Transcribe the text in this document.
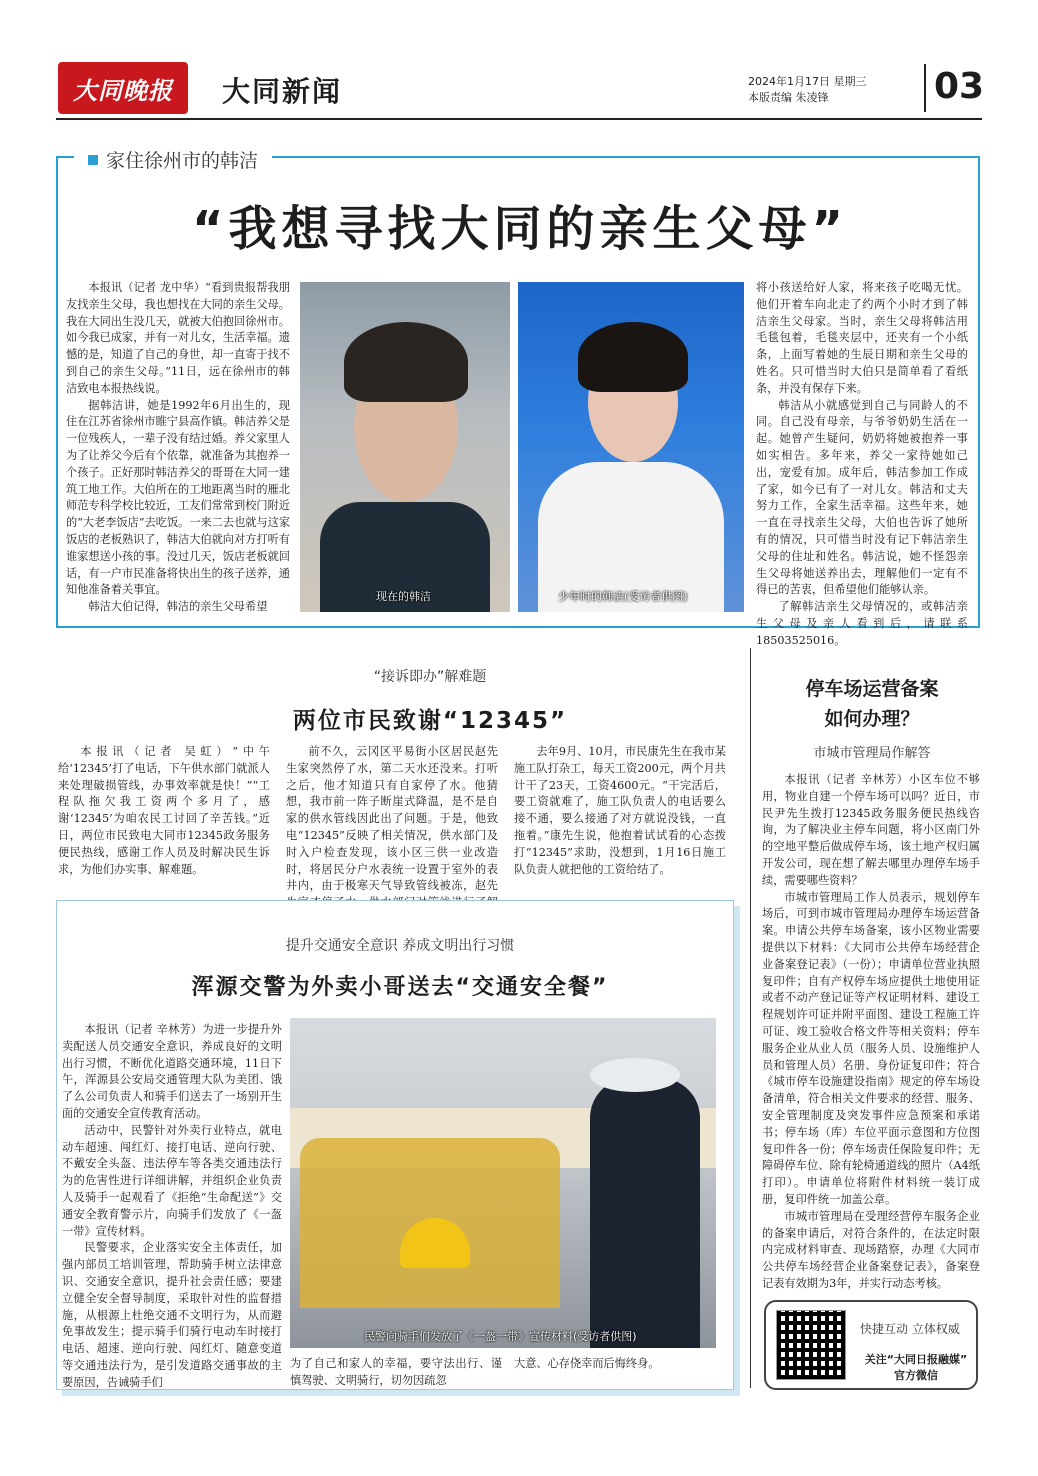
大同晚报	大同新闻	2024年1月17日 星期三
本版责编 朱凌锋	03
家住徐州市的韩洁
“我想寻找大同的亲生父母”

本报讯（记者 龙中华）“看到贵报帮我朋友找亲生父母，我也想找在大同的亲生父母。我在大同出生没几天，就被大伯抱回徐州市。如今我已成家，并有一对儿女，生活幸福。遗憾的是，知道了自己的身世，却一直寄于找不到自己的亲生父母。”11日，远在徐州市的韩洁致电本报热线说。

据韩洁讲，她是1992年6月出生的，现住在江苏省徐州市睢宁县高作镇。韩洁养父是一位残疾人，一辈子没有结过婚。养父家里人为了让养父今后有个依靠，就准备为其抱养一个孩子。正好那时韩洁养父的哥哥在大同一建筑工地工作。大伯所在的工地距离当时的雁北师范专科学校比较近，工友们常常到校门附近的“大老李饭店”去吃饭。一来二去也就与这家饭店的老板熟识了，韩洁大伯就向对方打听有谁家想送小孩的事。没过几天，饭店老板就回话，有一户市民准备将快出生的孩子送养，通知他准备着关事宜。

韩洁大伯记得，韩洁的亲生父母希望

现在的韩洁	少年时的韩洁(受访者供图)

将小孩送给好人家，将来孩子吃喝无忧。他们开着车向北走了约两个小时才到了韩洁亲生父母家。当时，亲生父母将韩洁用毛毯包着，毛毯夹层中，还夹有一个小纸条，上面写着她的生辰日期和亲生父母的姓名。只可惜当时大伯只是简单看了看纸条，并没有保存下来。

韩洁从小就感觉到自己与同龄人的不同。自己没有母亲，与爷爷奶奶生活在一起。她曾产生疑问，奶奶将她被抱养一事如实相告。多年来，养父一家待她如己出，宠爱有加。成年后，韩洁参加工作成了家，如今已有了一对儿女。韩洁和丈夫努力工作，全家生活幸福。这些年来，她一直在寻找亲生父母，大伯也告诉了她所有的情况，只可惜当时没有记下韩洁亲生父母的住址和姓名。韩洁说，她不怪怨亲生父母将她送养出去，理解他们一定有不得已的苦衷，但希望他们能够认亲。

了解韩洁亲生父母情况的，或韩洁亲生父母及亲人看到后，请联系18503525016。

“接诉即办”解难题
两位市民致谢“12345”

本报讯（记者 吴虹）“中午给‘12345’打了电话，下午供水部门就派人来处理破损管线，办事效率就是快！”“工程队拖欠我工资两个多月了，感谢‘12345’为咱农民工讨回了辛苦钱。”近日，两位市民致电大同市12345政务服务便民热线，感谢工作人员及时解决民生诉求，为他们办实事、解难题。

前不久，云冈区平易街小区居民赵先生家突然停了水，第二天水还没来。打听之后，他才知道只有自家停了水。他猜想，我市前一阵子断崖式降温，是不是自家的供水管线因此出了问题。于是，他致电“12345”反映了相关情况，供水部门及时入户检查发现，该小区三供一业改造时，将居民分户水表统一设置于室外的表井内，由于极寒天气导致管线被冻，赵先

去年9月、10月，市民康先生在我市某施工队打杂工，每天工资200元，两个月共计干了23天，工资4600元。“干完活后，要工资就难了，施工队负责人的电话要么接不通，要么接通了对方就说没钱，一直拖着。”康先生说，他抱着试试看的心态拨打“12345”求助，没想到，1月16日施工队负责人就把他的工资给结了。

提升交通安全意识 养成文明出行习惯
浑源交警为外卖小哥送去“交通安全餐”

本报讯（记者 辛林芳）为进一步提升外卖配送人员交通安全意识，养成良好的文明出行习惯，不断优化道路交通环境，11日下午，浑源县公安局交通管理大队为美团、饿了么公司负责人和骑手们送去了一场别开生面的交通安全宣传教育活动。

活动中，民警针对外卖行业特点，就电动车超速、闯红灯、接打电话、逆向行驶、不戴安全头盔、违法停车等各类交通违法行为的危害性进行详细讲解，并组织企业负责人及骑手一起观看了《拒绝“生命配送”》交通安全教育警示片，向骑手们发放了《一盔一带》宣传材料。

民警要求，企业落实安全主体责任，加强内部员工培训管理，帮助骑手树立法律意识、交通安全意识，提升社会责任感；要建立健全安全督导制度，采取针对性的监督措施，从根源上杜绝交通不文明行为，从而避免事故发生；提示骑手们骑行电动车时接打电话、超速、逆向行驶、闯红灯、随意变道等交通违法行为，是引发道路交通事故的主要原因，告诫骑手们

民警向骑手们发放了《一盔一带》宣传材料(受访者供图)

为了自己和家人的幸福，要守法出行、谨慎驾驶、文明骑行，切勿因疏忽

大意、心存侥幸而后悔终身。

停车场运营备案
如何办理？
市城市管理局作解答

本报讯（记者 辛林芳）小区车位不够用，物业自建一个停车场可以吗？近日，市民尹先生拨打12345政务服务便民热线咨询，为了解决业主停车问题，将小区南门外的空地平整后做成停车场，该土地产权归属开发公司，现在想了解去哪里办理停车场手续，需要哪些资料？

市城市管理局工作人员表示，规划停车场后，可到市城市管理局办理停车场运营备案。申请公共停车场备案，该小区物业需要提供以下材料：《大同市公共停车场经营企业备案登记表》（一份）；申请单位营业执照复印件；自有产权停车场应提供土地使用证或者不动产登记证等产权证明材料、建设工程规划许可证并附平面图、建设工程施工许可证、竣工验收合格文件等相关资料；停车服务企业从业人员（服务人员、设施维护人员和管理人员）名册、身份证复印件；符合《城市停车设施建设指南》规定的停车场设备清单，符合相关文件要求的经营、服务、安全管理制度及突发事件应急预案和承诺书；停车场（库）车位平面示意图和方位图复印件各一份；停车场责任保险复印件；无障碍停车位、除有轮椅通道线的照片（A4纸打印）。申请单位将附件材料统一装订成册，复印件统一加盖公章。

市城市管理局在受理经营停车服务企业的备案申请后，对符合条件的，在法定时限内完成材料审查、现场踏察，办理《大同市公共停车场经营企业备案登记表》，备案登记表有效期为3年，并实行动态考核。

快捷互动 立体权威
关注“大同日报融媒”
官方微信
